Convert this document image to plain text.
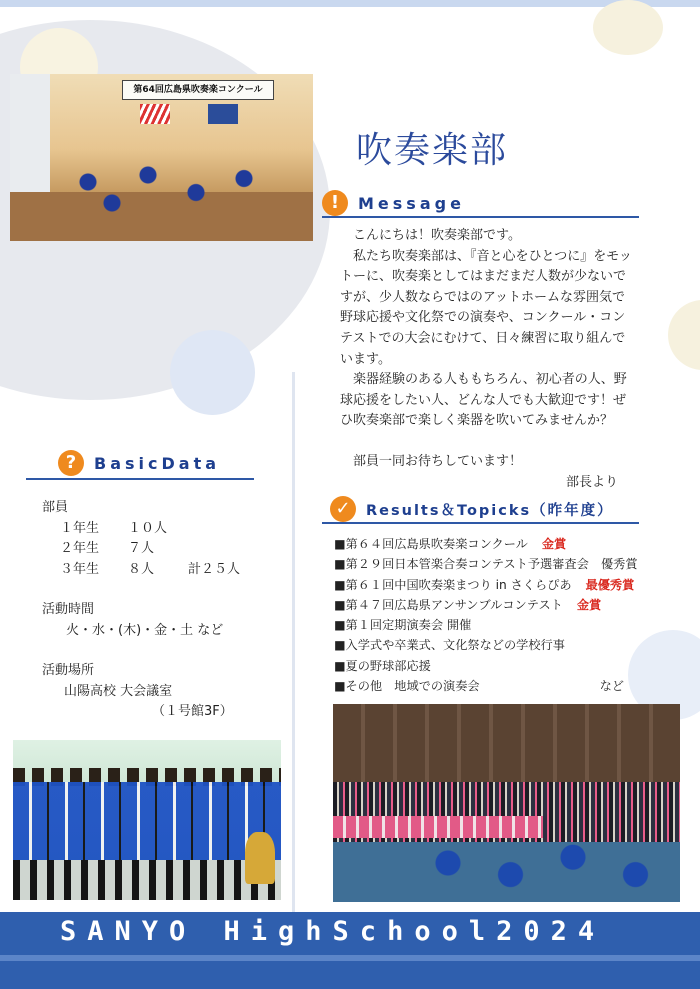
第64回広島県吹奏楽コンクール
吹奏楽部
!	Message

こんにちは！吹奏楽部です。

私たち吹奏楽部は、『音と心をひとつに』をモットーに、吹奏楽としてはまだまだ人数が少ないですが、少人数ならではのアットホームな雰囲気で野球応援や文化祭での演奏や、コンクール・コンテストでの大会にむけて、日々練習に取り組んでいます。

楽器経験のある人ももちろん、初心者の人、野球応援をしたい人、どんな人でも大歓迎です！ぜひ吹奏楽部で楽しく楽器を吹いてみませんか？

部員一同お待ちしています！

部長より

?	BasicData
部員
１年生	１０人
２年生	７人
３年生	８人	計２５人
活動時間
火・水・(木)・金・土 など
活動場所
山陽高校 大会議室
（１号館3F）
✓	Results＆Topicks（昨年度）
■第６４回広島県吹奏楽コンクール 金賞
■第２９回日本管楽合奏コンテスト予選審査会　優秀賞
■第６１回中国吹奏楽まつり in さくらぴあ 最優秀賞
■第４７回広島県アンサンブルコンテスト 金賞
■第１回定期演奏会 開催
■入学式や卒業式、文化祭などの学校行事
■夏の野球部応援
■その他　地域での演奏会	など
SANYO HighSchool2024
